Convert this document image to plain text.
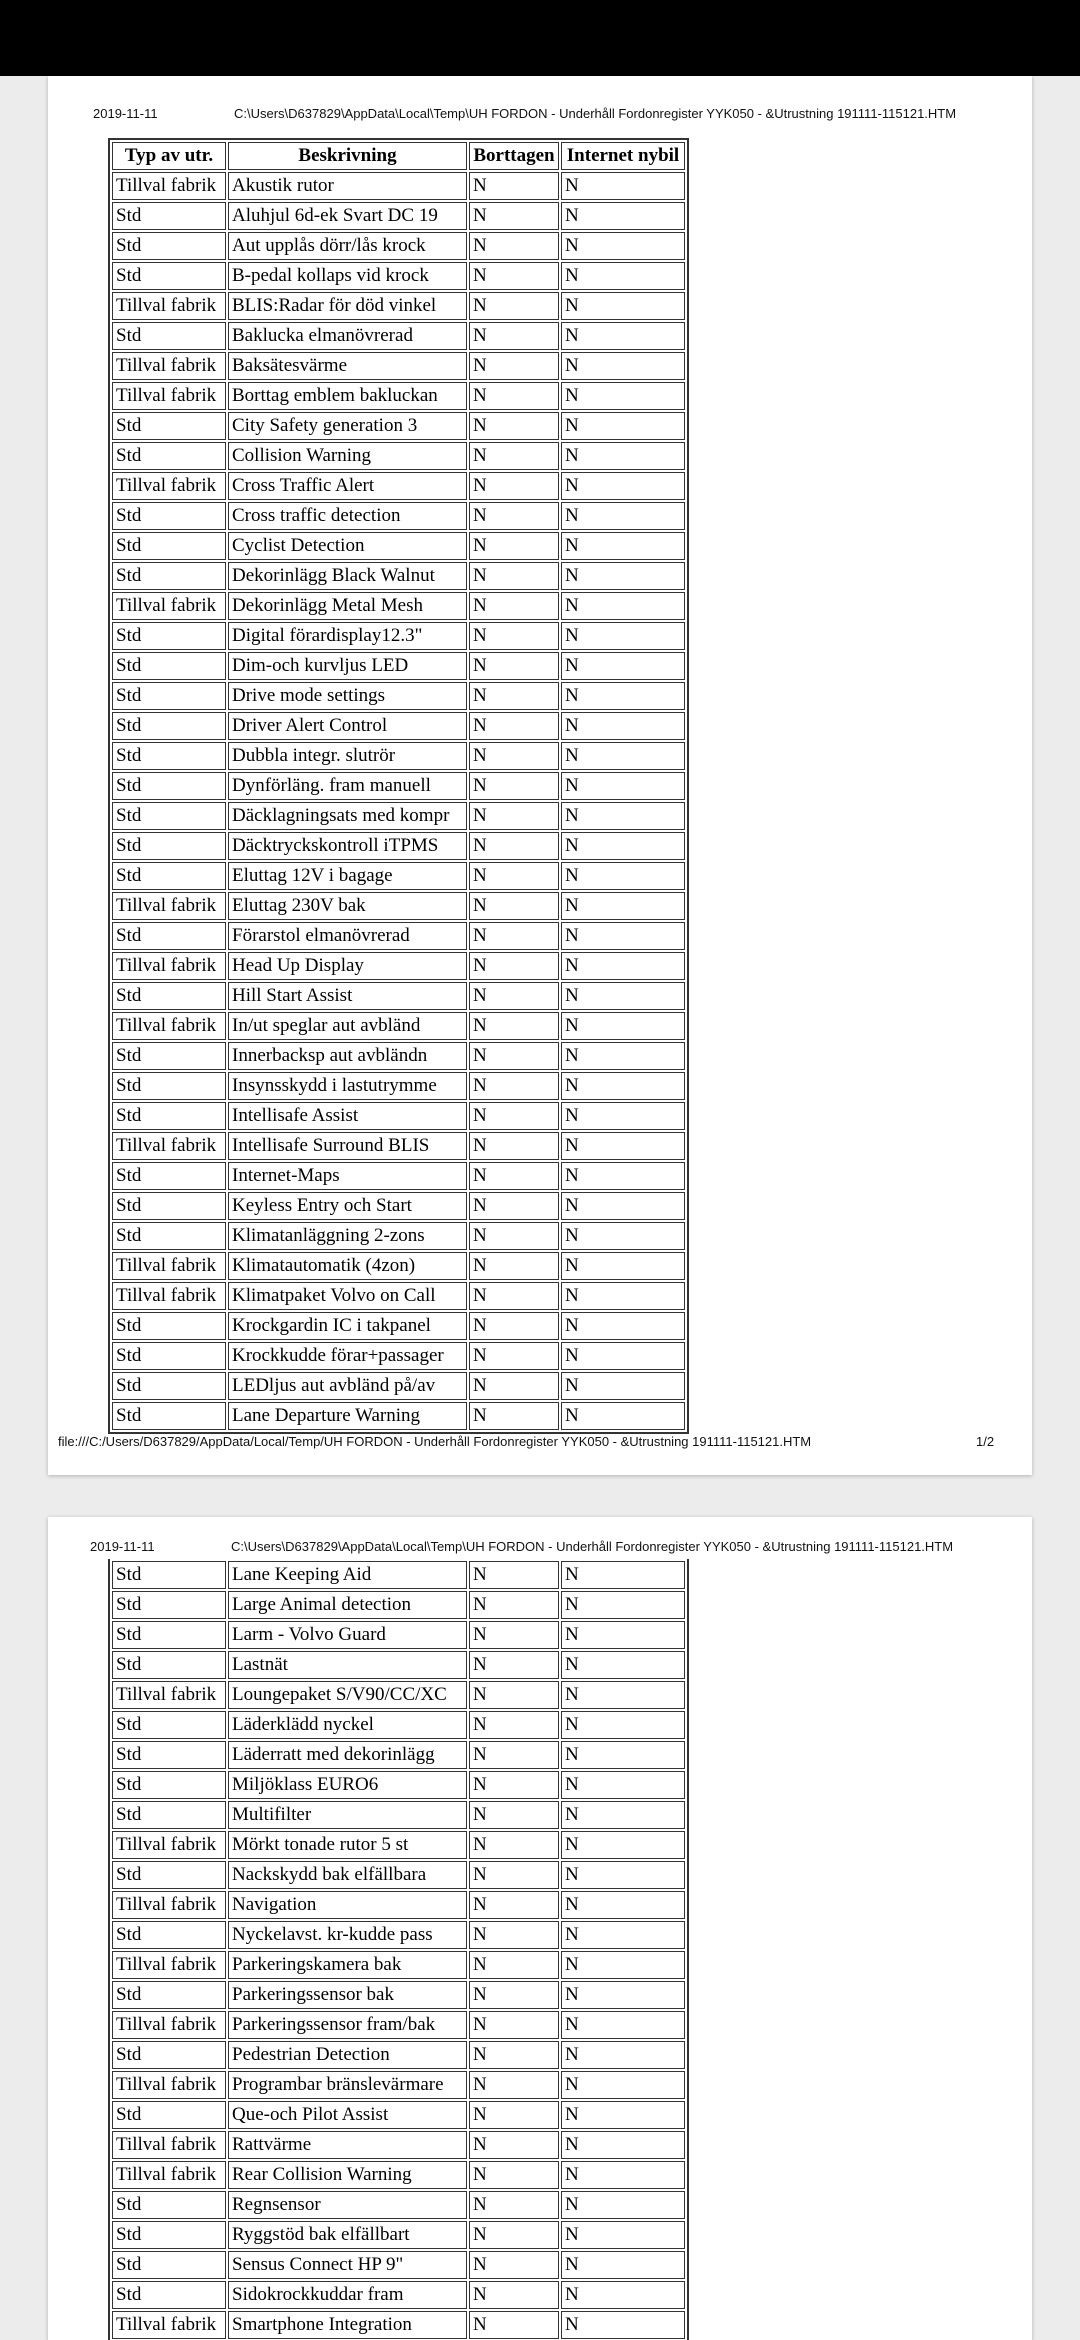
2019-11-11	C:\Users\D637829\AppData\Local\Temp\UH FORDON - Underhåll Fordonregister YYK050 - &Utrustning 191111-115121.HTM
Typ av utr.	Beskrivning	Borttagen	Internet nybil
Tillval fabrik	Akustik rutor	N	N
Std	Aluhjul 6d-ek Svart DC 19	N	N
Std	Aut upplås dörr/lås krock	N	N
Std	B-pedal kollaps vid krock	N	N
Tillval fabrik	BLIS:Radar för död vinkel	N	N
Std	Baklucka elmanövrerad	N	N
Tillval fabrik	Baksätesvärme	N	N
Tillval fabrik	Borttag emblem bakluckan	N	N
Std	City Safety generation 3	N	N
Std	Collision Warning	N	N
Tillval fabrik	Cross Traffic Alert	N	N
Std	Cross traffic detection	N	N
Std	Cyclist Detection	N	N
Std	Dekorinlägg Black Walnut	N	N
Tillval fabrik	Dekorinlägg Metal Mesh	N	N
Std	Digital förardisplay12.3"	N	N
Std	Dim-och kurvljus LED	N	N
Std	Drive mode settings	N	N
Std	Driver Alert Control	N	N
Std	Dubbla integr. slutrör	N	N
Std	Dynförläng. fram manuell	N	N
Std	Däcklagningsats med kompr	N	N
Std	Däcktryckskontroll iTPMS	N	N
Std	Eluttag 12V i bagage	N	N
Tillval fabrik	Eluttag 230V bak	N	N
Std	Förarstol elmanövrerad	N	N
Tillval fabrik	Head Up Display	N	N
Std	Hill Start Assist	N	N
Tillval fabrik	In/ut speglar aut avbländ	N	N
Std	Innerbacksp aut avbländn	N	N
Std	Insynsskydd i lastutrymme	N	N
Std	Intellisafe Assist	N	N
Tillval fabrik	Intellisafe Surround BLIS	N	N
Std	Internet-Maps	N	N
Std	Keyless Entry och Start	N	N
Std	Klimatanläggning 2-zons	N	N
Tillval fabrik	Klimatautomatik (4zon)	N	N
Tillval fabrik	Klimatpaket Volvo on Call	N	N
Std	Krockgardin IC i takpanel	N	N
Std	Krockkudde förar+passager	N	N
Std	LEDljus aut avbländ på/av	N	N
Std	Lane Departure Warning	N	N
file:///C:/Users/D637829/AppData/Local/Temp/UH FORDON - Underhåll Fordonregister YYK050 - &Utrustning 191111-115121.HTM	1/2
2019-11-11	C:\Users\D637829\AppData\Local\Temp\UH FORDON - Underhåll Fordonregister YYK050 - &Utrustning 191111-115121.HTM
Std	Lane Keeping Aid	N	N
Std	Large Animal detection	N	N
Std	Larm - Volvo Guard	N	N
Std	Lastnät	N	N
Tillval fabrik	Loungepaket S/V90/CC/XC	N	N
Std	Läderklädd nyckel	N	N
Std	Läderratt med dekorinlägg	N	N
Std	Miljöklass EURO6	N	N
Std	Multifilter	N	N
Tillval fabrik	Mörkt tonade rutor 5 st	N	N
Std	Nackskydd bak elfällbara	N	N
Tillval fabrik	Navigation	N	N
Std	Nyckelavst. kr-kudde pass	N	N
Tillval fabrik	Parkeringskamera bak	N	N
Std	Parkeringssensor bak	N	N
Tillval fabrik	Parkeringssensor fram/bak	N	N
Std	Pedestrian Detection	N	N
Tillval fabrik	Programbar bränslevärmare	N	N
Std	Que-och Pilot Assist	N	N
Tillval fabrik	Rattvärme	N	N
Tillval fabrik	Rear Collision Warning	N	N
Std	Regnsensor	N	N
Std	Ryggstöd bak elfällbart	N	N
Std	Sensus Connect HP 9"	N	N
Std	Sidokrockkuddar fram	N	N
Tillval fabrik	Smartphone Integration	N	N
